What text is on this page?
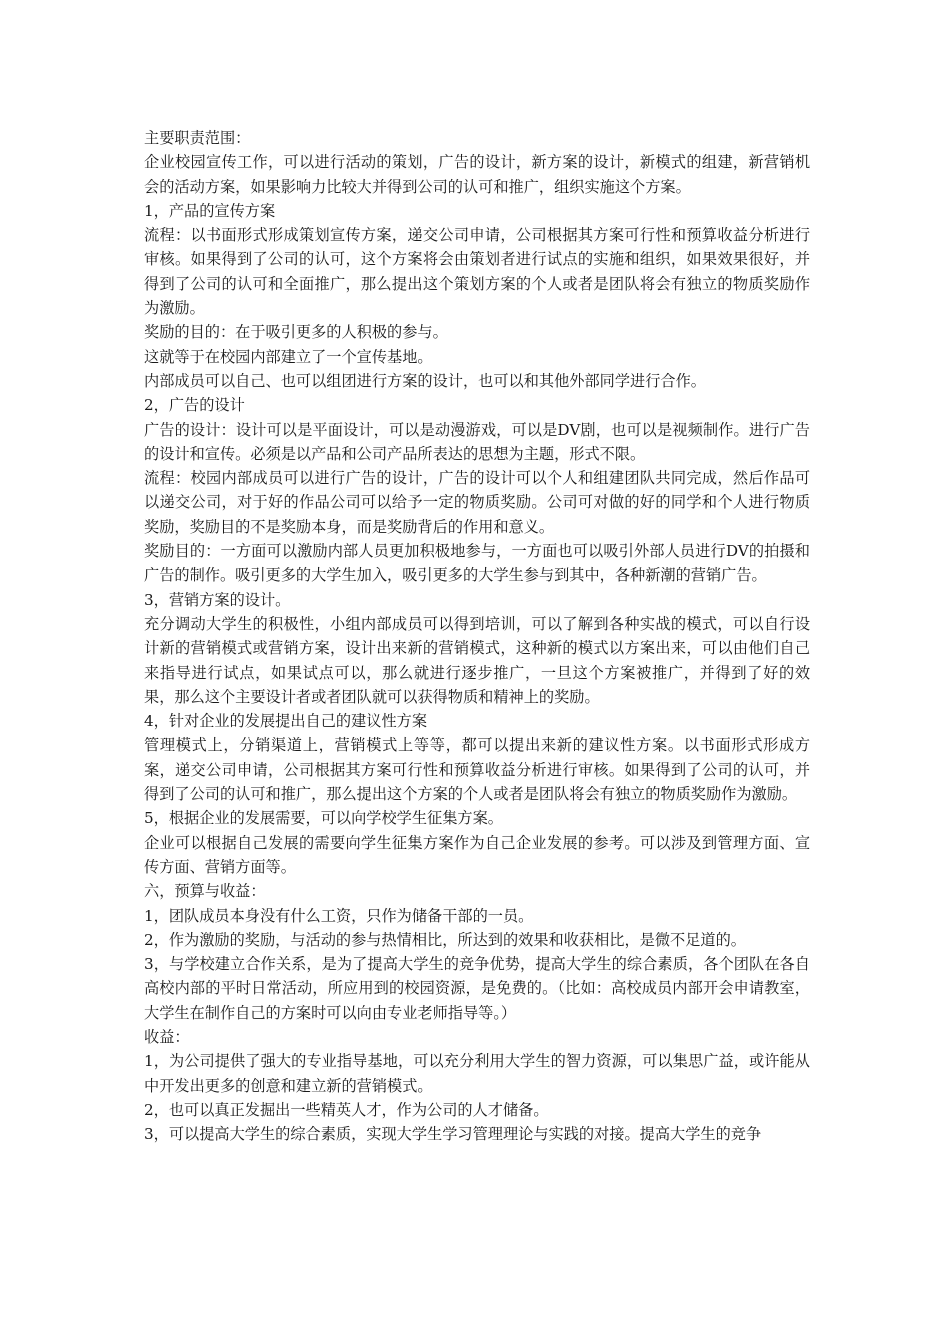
主要职责范围：

企业校园宣传工作，可以进行活动的策划，广告的设计，新方案的设计，新模式的组建，新营销机会的活动方案，如果影响力比较大并得到公司的认可和推广，组织实施这个方案。

1，产品的宣传方案

流程：以书面形式形成策划宣传方案，递交公司申请，公司根据其方案可行性和预算收益分析进行审核。如果得到了公司的认可，这个方案将会由策划者进行试点的实施和组织，如果效果很好，并得到了公司的认可和全面推广，那么提出这个策划方案的个人或者是团队将会有独立的物质奖励作为激励。

奖励的目的：在于吸引更多的人积极的参与。

这就等于在校园内部建立了一个宣传基地。

内部成员可以自己、也可以组团进行方案的设计，也可以和其他外部同学进行合作。

2，广告的设计

广告的设计：设计可以是平面设计，可以是动漫游戏，可以是DV剧，也可以是视频制作。进行广告的设计和宣传。必须是以产品和公司产品所表达的思想为主题，形式不限。

流程：校园内部成员可以进行广告的设计，广告的设计可以个人和组建团队共同完成，然后作品可以递交公司，对于好的作品公司可以给予一定的物质奖励。公司可对做的好的同学和个人进行物质奖励，奖励目的不是奖励本身，而是奖励背后的作用和意义。

奖励目的：一方面可以激励内部人员更加积极地参与，一方面也可以吸引外部人员进行DV的拍摄和广告的制作。吸引更多的大学生加入，吸引更多的大学生参与到其中，各种新潮的营销广告。

3，营销方案的设计。

充分调动大学生的积极性，小组内部成员可以得到培训，可以了解到各种实战的模式，可以自行设计新的营销模式或营销方案，设计出来新的营销模式，这种新的模式以方案出来，可以由他们自己来指导进行试点，如果试点可以，那么就进行逐步推广，一旦这个方案被推广，并得到了好的效果，那么这个主要设计者或者团队就可以获得物质和精神上的奖励。

4，针对企业的发展提出自己的建议性方案

管理模式上，分销渠道上，营销模式上等等，都可以提出来新的建议性方案。以书面形式形成方案，递交公司申请，公司根据其方案可行性和预算收益分析进行审核。如果得到了公司的认可，并得到了公司的认可和推广，那么提出这个方案的个人或者是团队将会有独立的物质奖励作为激励。

5，根据企业的发展需要，可以向学校学生征集方案。

企业可以根据自己发展的需要向学生征集方案作为自己企业发展的参考。可以涉及到管理方面、宣传方面、营销方面等。

六，预算与收益：

1，团队成员本身没有什么工资，只作为储备干部的一员。

2，作为激励的奖励，与活动的参与热情相比，所达到的效果和收获相比，是微不足道的。

3，与学校建立合作关系，是为了提高大学生的竞争优势，提高大学生的综合素质，各个团队在各自高校内部的平时日常活动，所应用到的校园资源，是免费的。（比如：高校成员内部开会申请教室，大学生在制作自己的方案时可以向由专业老师指导等。）

收益：

1，为公司提供了强大的专业指导基地，可以充分利用大学生的智力资源，可以集思广益，或许能从中开发出更多的创意和建立新的营销模式。

2，也可以真正发掘出一些精英人才，作为公司的人才储备。

3，可以提高大学生的综合素质，实现大学生学习管理理论与实践的对接。提高大学生的竞争
